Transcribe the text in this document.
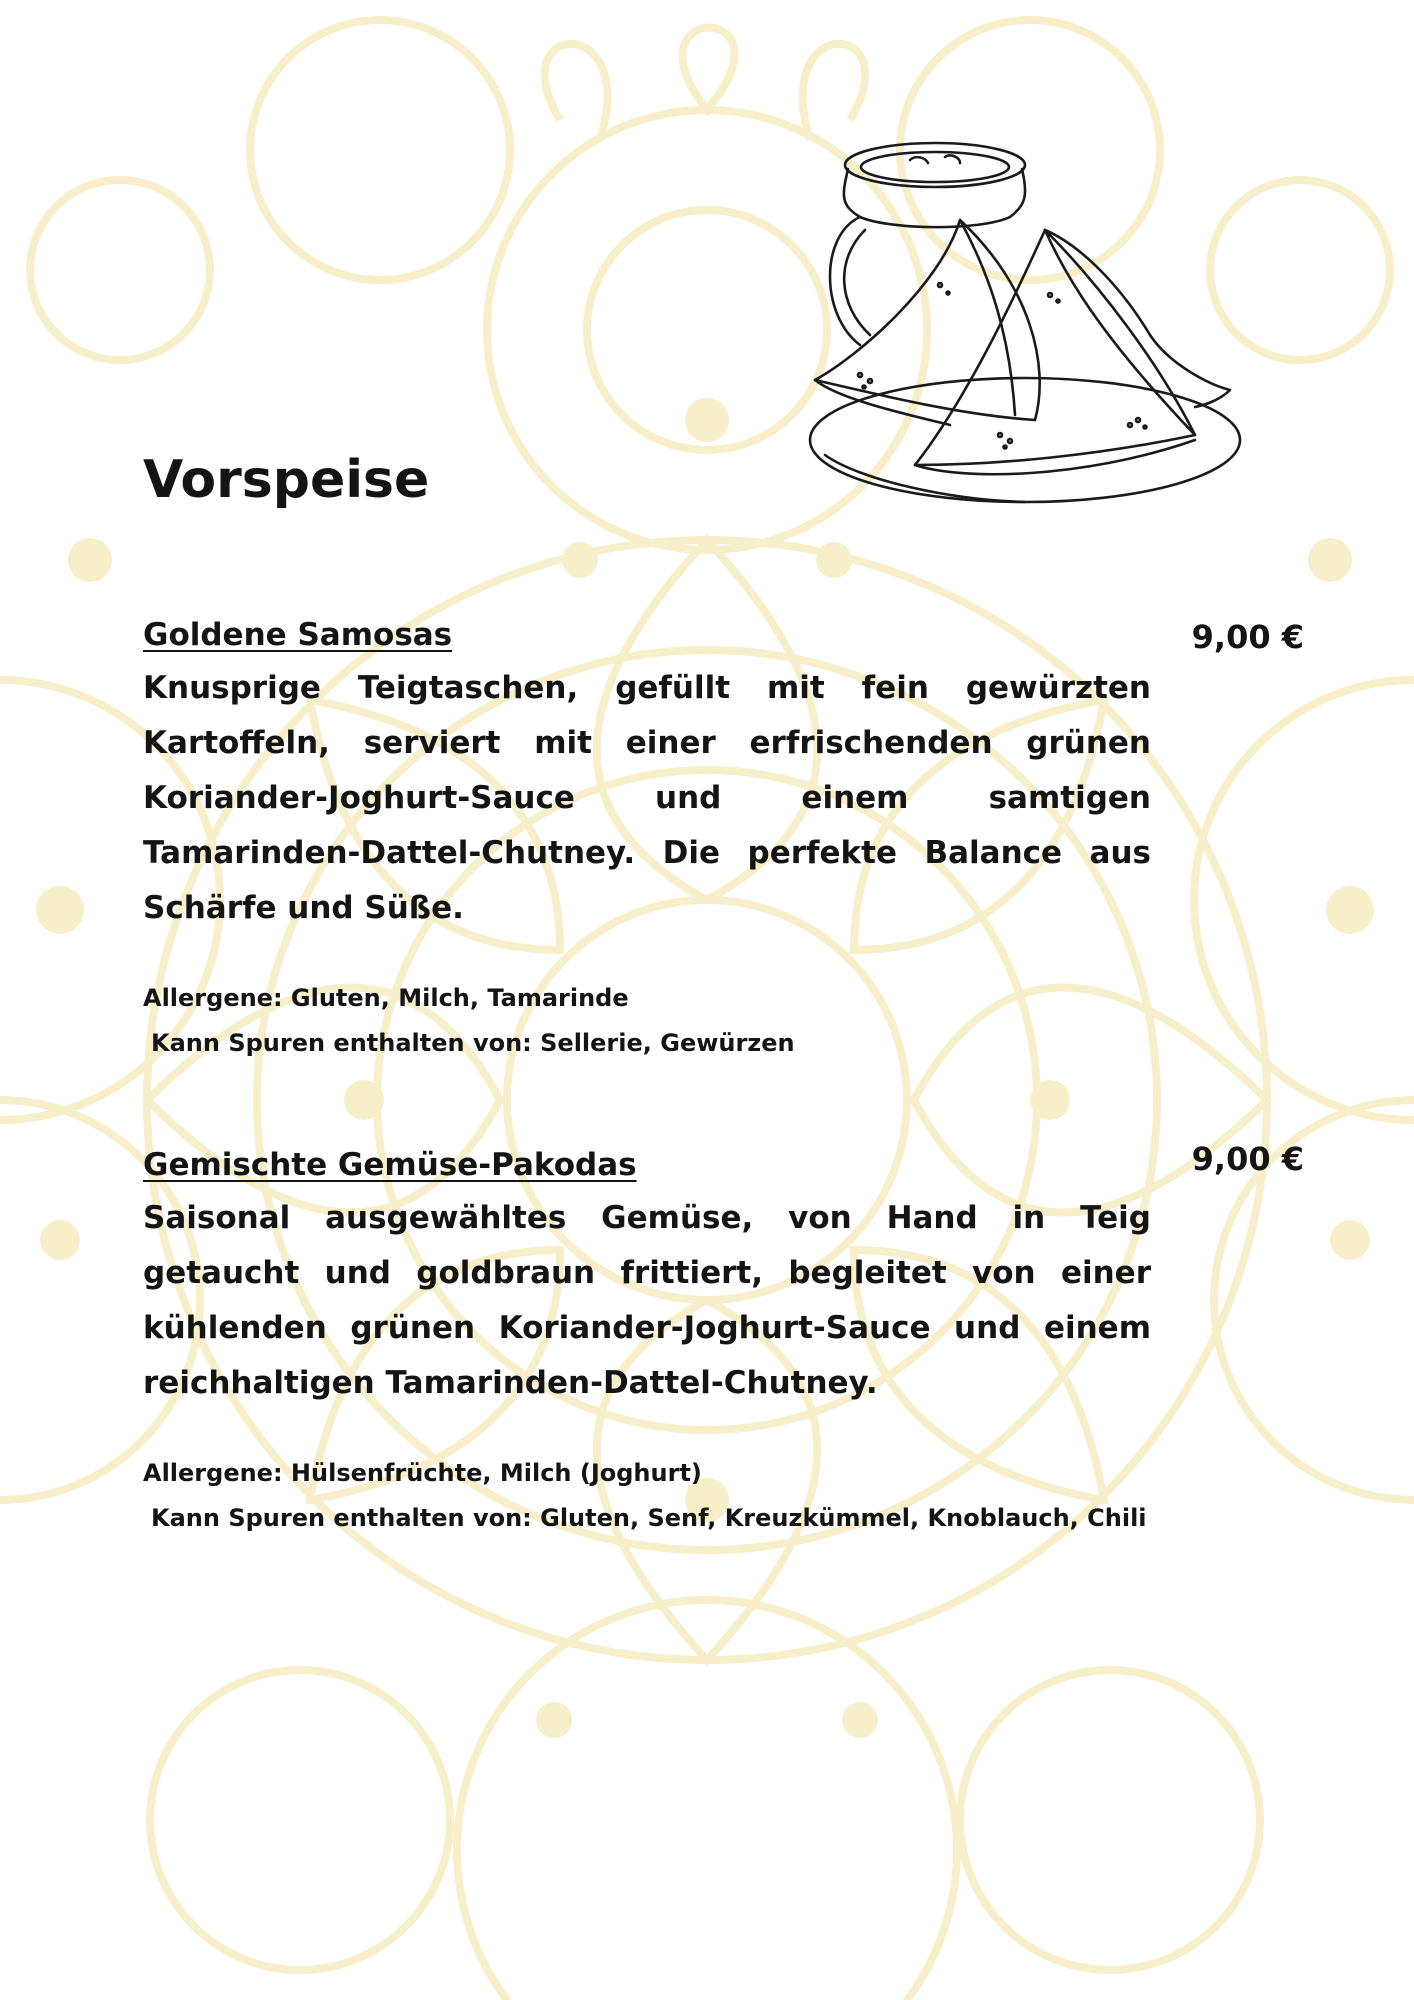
Vorspeise
Goldene Samosas
Knusprige Teigtaschen, gefüllt mit fein gewürzten Kartoffeln, serviert mit einer erfrischenden grünen Koriander-Joghurt-Sauce und einem samtigen Tamarinden-Dattel-Chutney. Die perfekte Balance aus Schärfe und Süße.
Allergene: Gluten, Milch, Tamarinde
Kann Spuren enthalten von: Sellerie, Gewürzen
9,00 €
Gemischte Gemüse-Pakodas
Saisonal ausgewähltes Gemüse, von Hand in Teig getaucht und goldbraun frittiert, begleitet von einer kühlenden grünen Koriander-Joghurt-Sauce und einem reichhaltigen Tamarinden-Dattel-Chutney.
Allergene: Hülsenfrüchte, Milch (Joghurt)
Kann Spuren enthalten von: Gluten, Senf, Kreuzkümmel, Knoblauch, Chili
9,00 €
